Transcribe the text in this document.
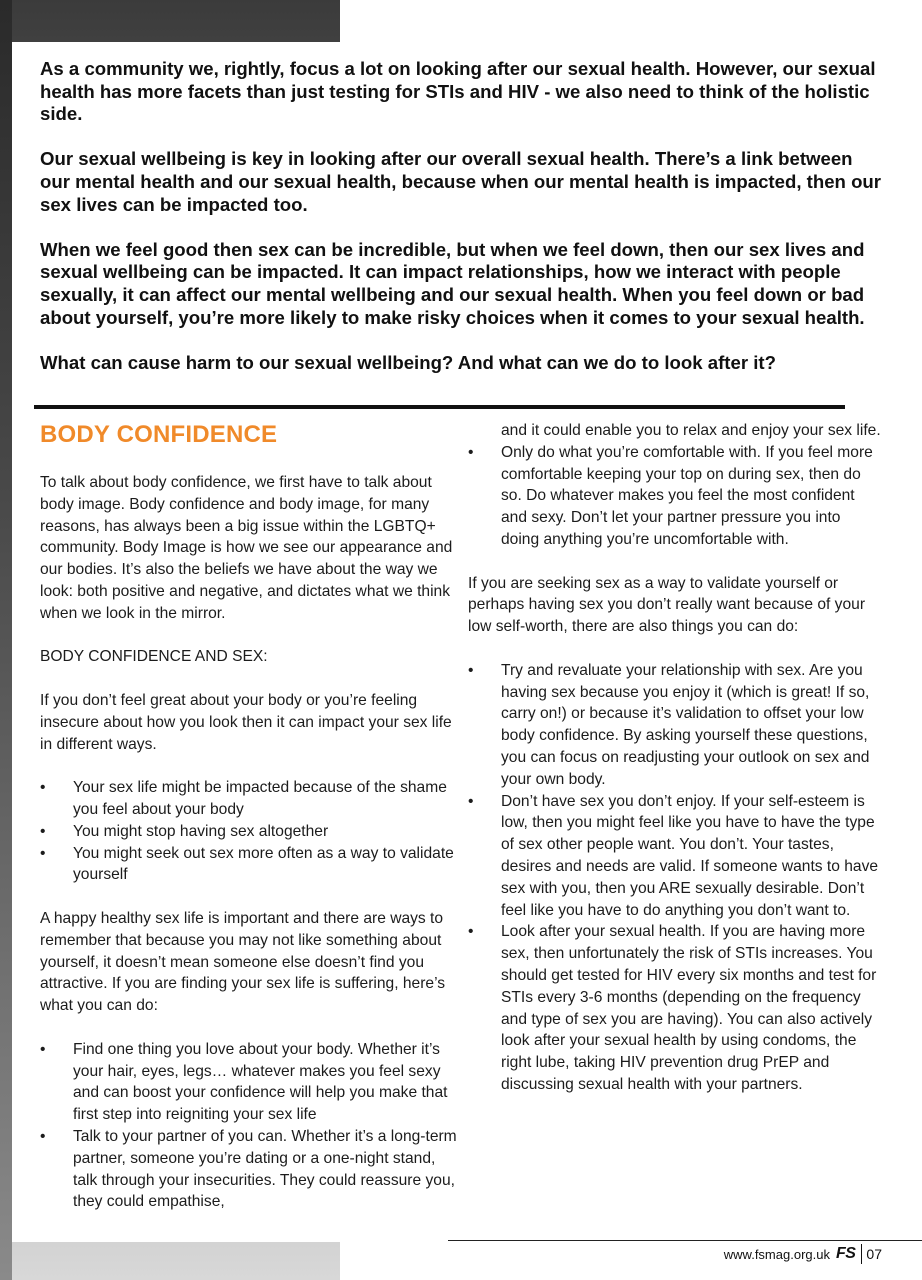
As a community we, rightly, focus a lot on looking after our sexual health. However, our sexual health has more facets than just testing for STIs and HIV - we also need to think of the holistic side.

Our sexual wellbeing is key in looking after our overall sexual health. There’s a link between our mental health and our sexual health, because when our mental health is impacted, then our sex lives can be impacted too.

When we feel good then sex can be incredible, but when we feel down, then our sex lives and sexual wellbeing can be impacted. It can impact relationships, how we interact with people sexually, it can affect our mental wellbeing and our sexual health. When you feel down or bad about yourself, you’re more likely to make risky choices when it comes to your sexual health.

What can cause harm to our sexual wellbeing? And what can we do to look after it?

BODY CONFIDENCE

To talk about body confidence, we first have to talk about body image. Body confidence and body image, for many reasons, has always been a big issue within the LGBTQ+ community. Body Image is how we see our appearance and our bodies. It’s also the beliefs we have about the way we look: both positive and negative, and dictates what we think when we look in the mirror.

BODY CONFIDENCE AND SEX:

If you don’t feel great about your body or you’re feeling insecure about how you look then it can impact your sex life in different ways.

• Your sex life might be impacted because of the shame you feel about your body
• You might stop having sex altogether
• You might seek out sex more often as a way to validate yourself

A happy healthy sex life is important and there are ways to remember that because you may not like something about yourself, it doesn’t mean someone else doesn’t find you attractive. If you are finding your sex life is suffering, here’s what you can do:

• Find one thing you love about your body. Whether it’s your hair, eyes, legs… whatever makes you feel sexy and can boost your confidence will help you make that first step into reigniting your sex life
• Talk to your partner of you can. Whether it’s a long-term partner, someone you’re dating or a one-night stand, talk through your insecurities. They could reassure you, they could empathise,

and it could enable you to relax and enjoy your sex life.

• Only do what you’re comfortable with. If you feel more comfortable keeping your top on during sex, then do so. Do whatever makes you feel the most confident and sexy. Don’t let your partner pressure you into doing anything you’re uncomfortable with.

If you are seeking sex as a way to validate yourself or perhaps having sex you don’t really want because of your low self-worth, there are also things you can do:

• Try and revaluate your relationship with sex. Are you having sex because you enjoy it (which is great! If so, carry on!) or because it’s validation to offset your low body confidence. By asking yourself these questions, you can focus on readjusting your outlook on sex and your own body.
• Don’t have sex you don’t enjoy. If your self-esteem is low, then you might feel like you have to have the type of sex other people want. You don’t. Your tastes, desires and needs are valid. If someone wants to have sex with you, then you ARE sexually desirable. Don’t feel like you have to do anything you don’t want to.
• Look after your sexual health. If you are having more sex, then unfortunately the risk of STIs increases. You should get tested for HIV every six months and test for STIs every 3-6 months (depending on the frequency and type of sex you are having). You can also actively look after your sexual health by using condoms, the right lube, taking HIV prevention drug PrEP and discussing sexual health with your partners.
www.fsmag.org.uk FS 07
